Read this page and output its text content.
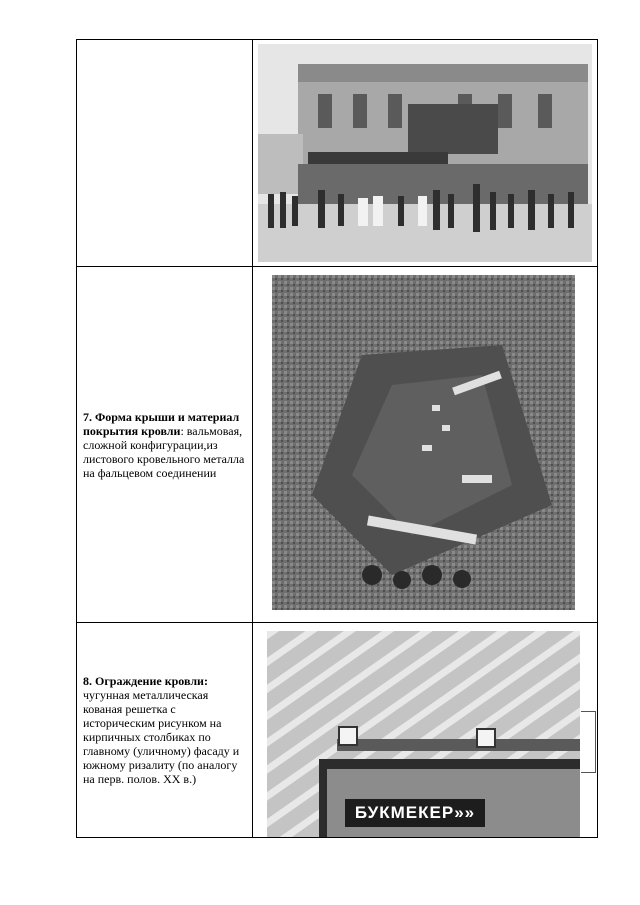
7. Форма крыши и материал покрытия кровли: вальмовая, сложной конфигурации,из листового кровельного металла на фальцевом соединении

8. Ограждение кровли: чугунная металлическая кованая решетка с историческим рисунком на кирпичных столбиках по главному (уличному) фасаду и южному ризалиту (по аналогу на перв. полов. XX в.)	БУКМЕКЕР»»
